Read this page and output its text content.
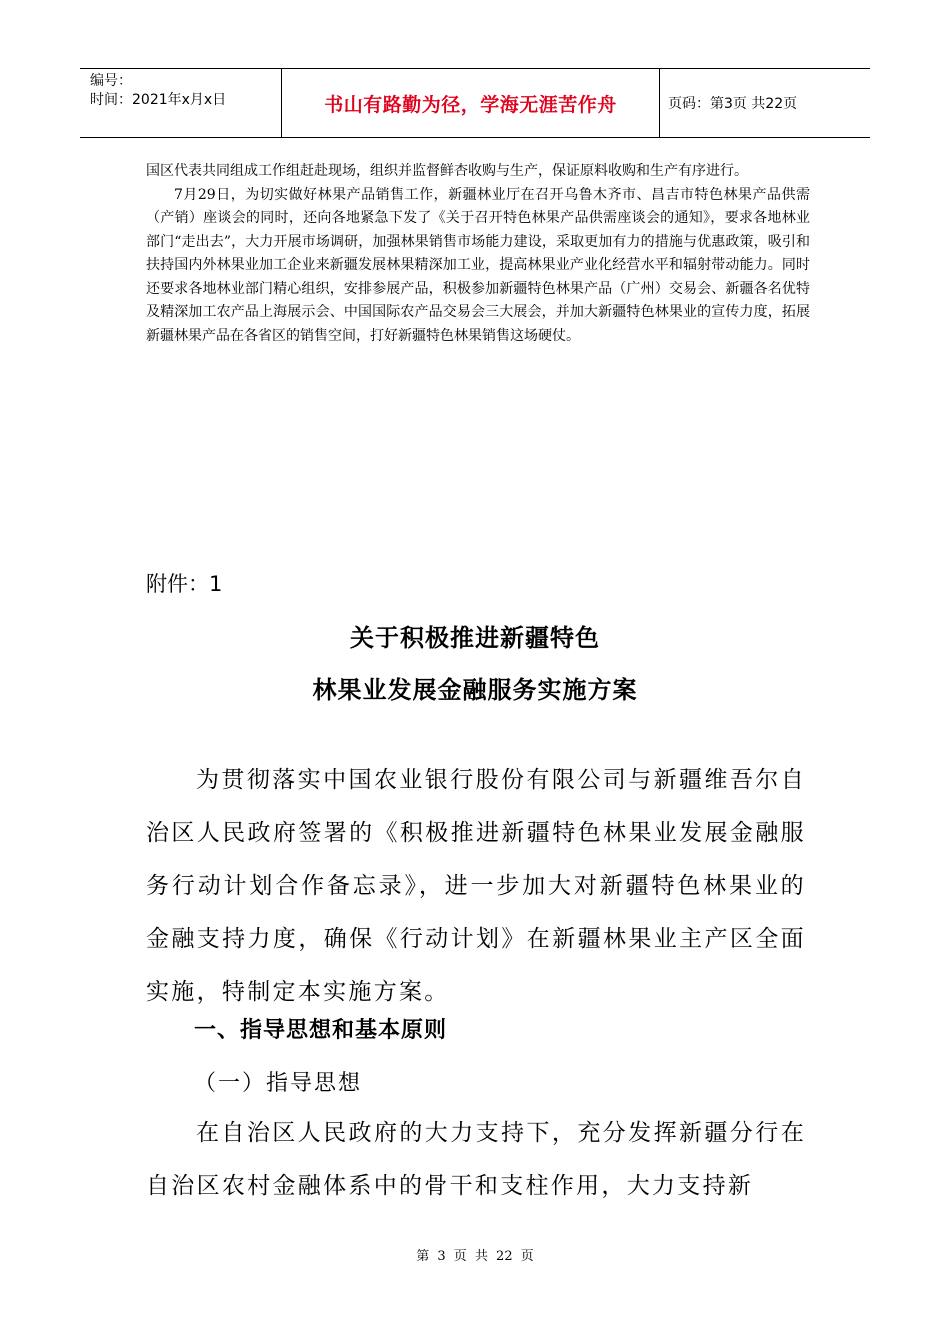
编号：
时间：2021年x月x日	书山有路勤为径，学海无涯苦作舟	页码：第3页 共22页

国区代表共同组成工作组赶赴现场，组织并监督鲜杏收购与生产，保证原料收购和生产有序进行。

7月29日，为切实做好林果产品销售工作，新疆林业厅在召开乌鲁木齐市、昌吉市特色林果产品供需（产销）座谈会的同时，还向各地紧急下发了《关于召开特色林果产品供需座谈会的通知》，要求各地林业部门“走出去”，大力开展市场调研，加强林果销售市场能力建设，采取更加有力的措施与优惠政策，吸引和扶持国内外林果业加工企业来新疆发展林果精深加工业，提高林果业产业化经营水平和辐射带动能力。同时还要求各地林业部门精心组织，安排参展产品，积极参加新疆特色林果产品（广州）交易会、新疆各名优特及精深加工农产品上海展示会、中国国际农产品交易会三大展会，并加大新疆特色林果业的宣传力度，拓展新疆林果产品在各省区的销售空间，打好新疆特色林果销售这场硬仗。

附件：1
关于积极推进新疆特色
林果业发展金融服务实施方案

为贯彻落实中国农业银行股份有限公司与新疆维吾尔自治区人民政府签署的《积极推进新疆特色林果业发展金融服务行动计划合作备忘录》，进一步加大对新疆特色林果业的金融支持力度，确保《行动计划》在新疆林果业主产区全面实施，特制定本实施方案。

一、指导思想和基本原则
（一）指导思想

在自治区人民政府的大力支持下，充分发挥新疆分行在自治区农村金融体系中的骨干和支柱作用，大力支持新

第 3 页 共 22 页
